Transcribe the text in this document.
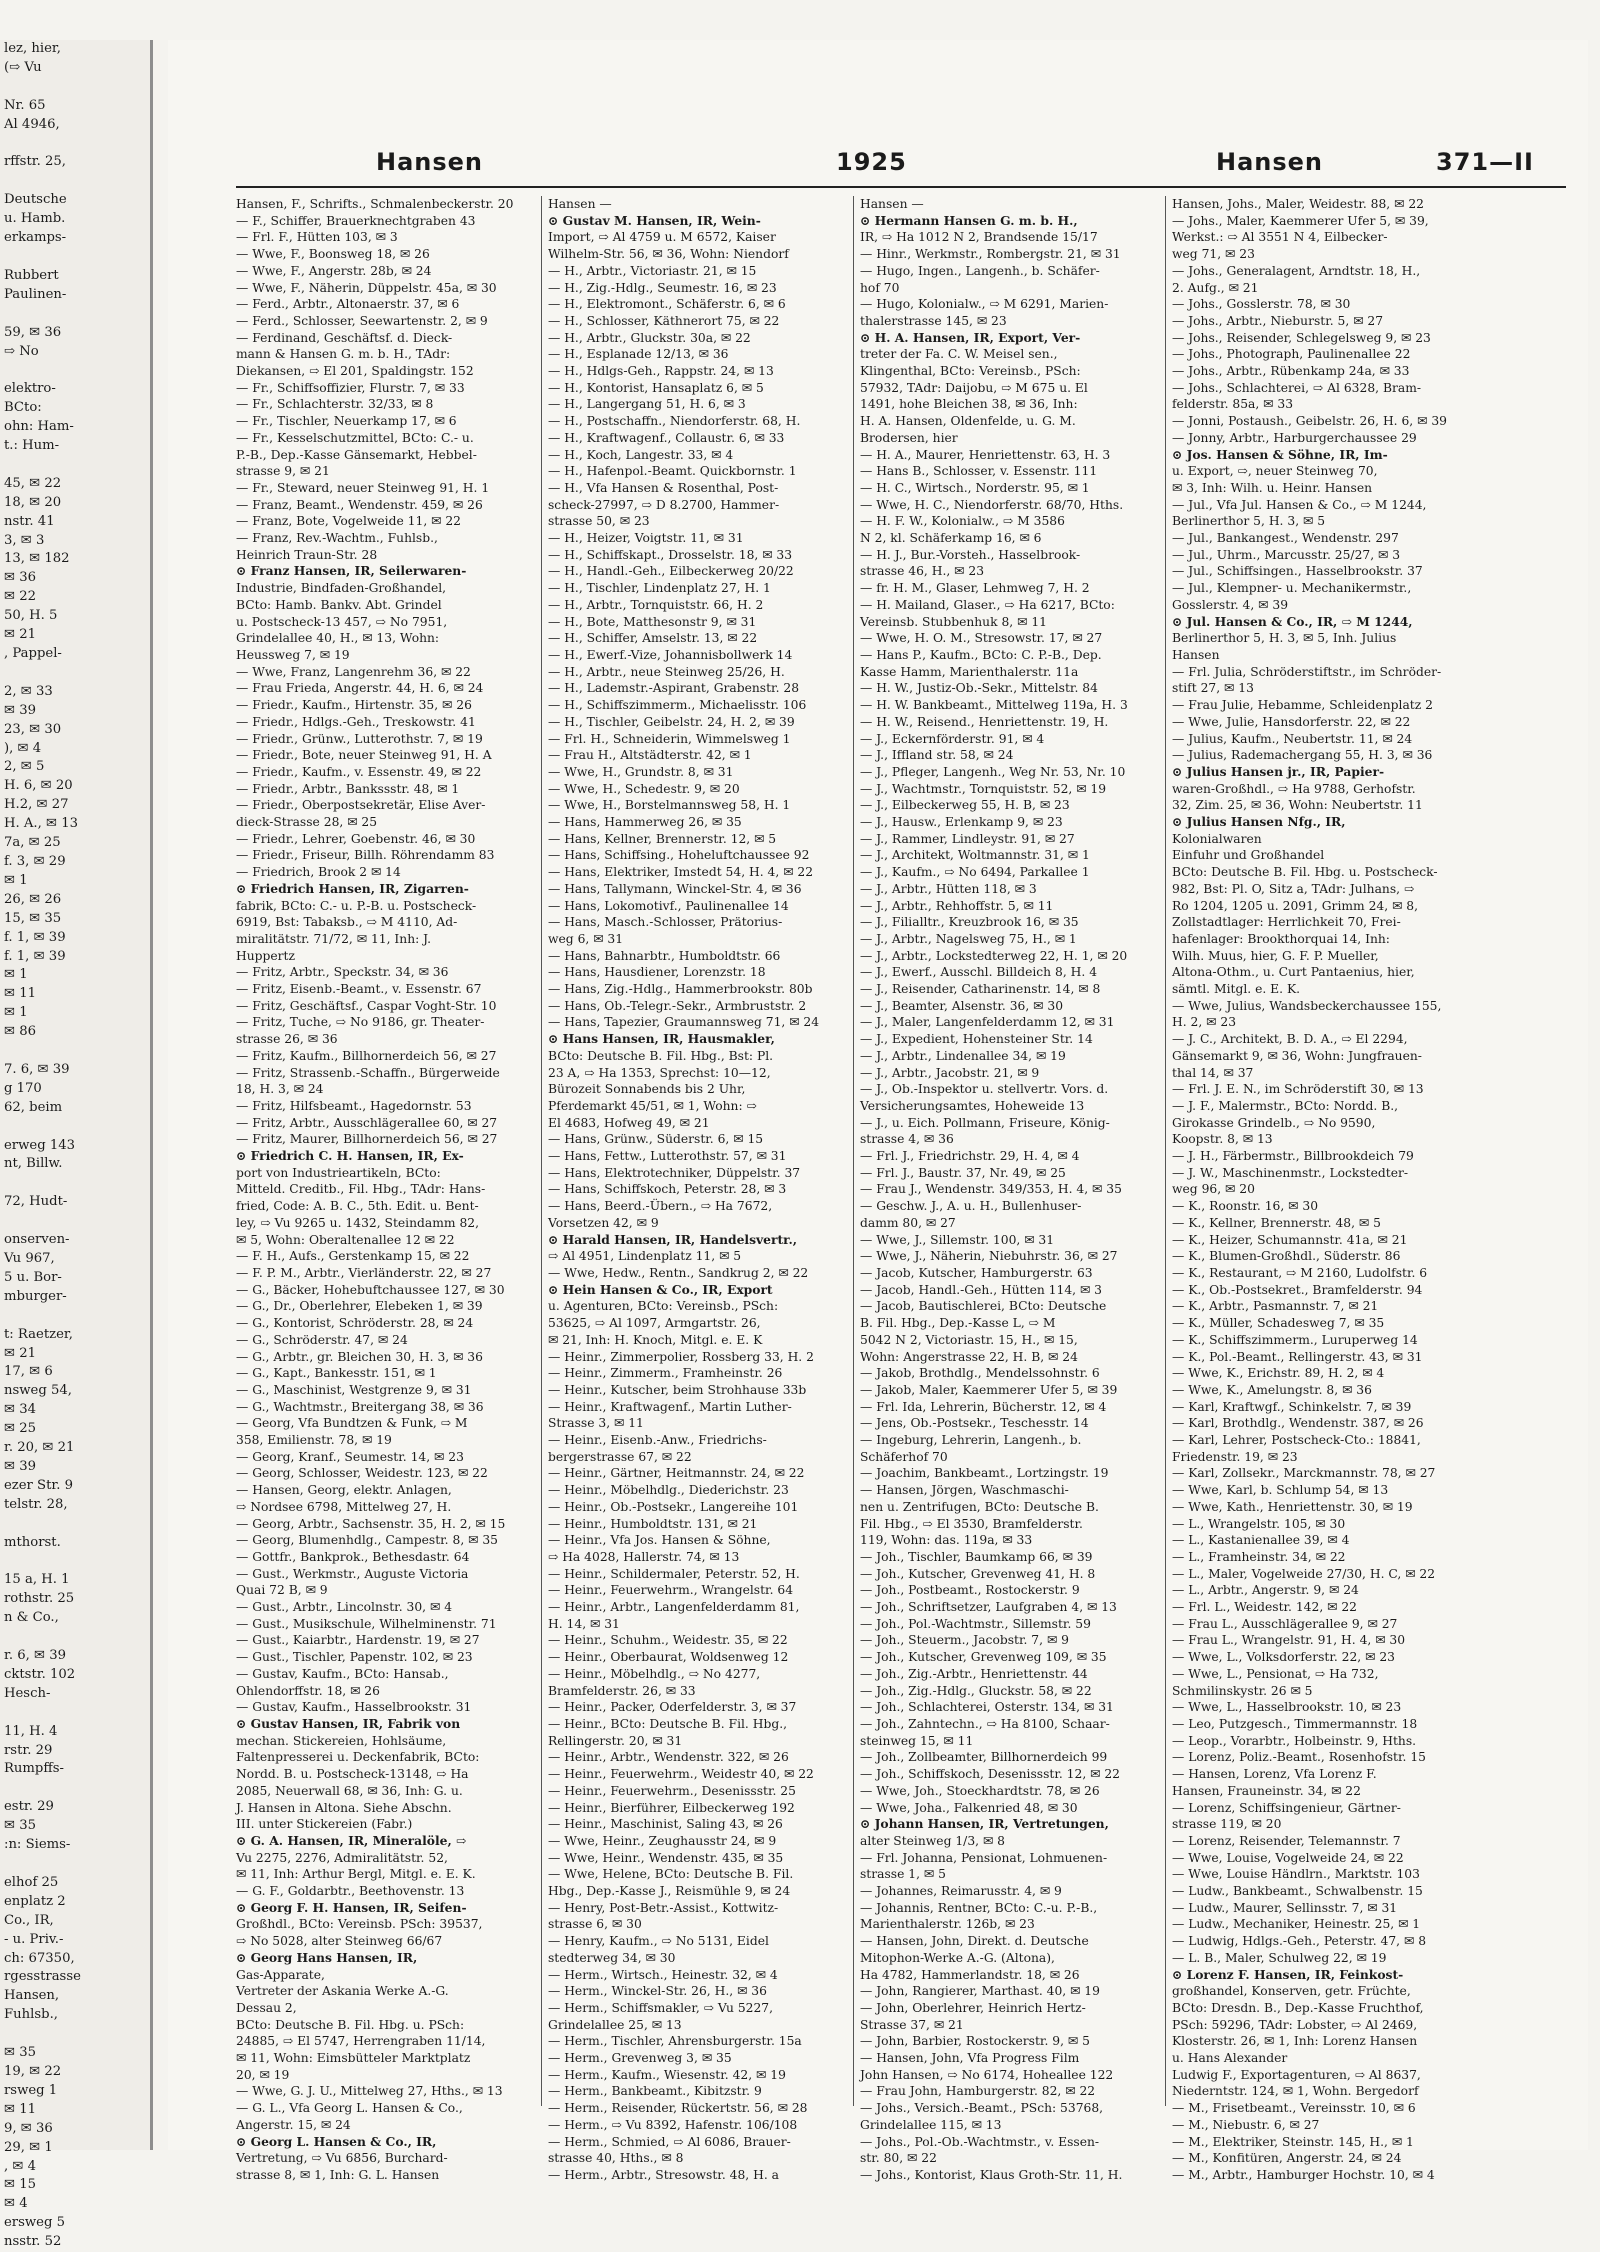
lez, hier,
(⇨ Vu

Nr. 65
Al 4946,

rffstr. 25,

Deutsche
u. Hamb.
erkamps-

Rubbert
Paulinen-

59, ✉ 36
⇨ No

elektro-
BCto:
ohn: Ham-
t.: Hum-

45, ✉ 22
18, ✉ 20
nstr. 41
3, ✉ 3
13, ✉ 182
✉ 36
✉ 22
50, H. 5
✉ 21
, Pappel-

2, ✉ 33
✉ 39
23, ✉ 30
), ✉ 4
2, ✉ 5
H. 6, ✉ 20
H.2, ✉ 27
H. A., ✉ 13
7a, ✉ 25
f. 3, ✉ 29
✉ 1
26, ✉ 26
15, ✉ 35
f. 1, ✉ 39
f. 1, ✉ 39
✉ 1
✉ 11
✉ 1
✉ 86

7. 6, ✉ 39
g 170
62, beim

erweg 143
nt, Billw.

72, Hudt-

onserven-
Vu 967,
5 u. Bor-
mburger-

t: Raetzer,
✉ 21
17, ✉ 6
nsweg 54,
✉ 34
✉ 25
r. 20, ✉ 21
✉ 39
ezer Str. 9
telstr. 28,

mthorst.

15 a, H. 1
rothstr. 25
n & Co.,

r. 6, ✉ 39
cktstr. 102
Hesch-

11, H. 4
rstr. 29
Rumpffs-

estr. 29
✉ 35
:n: Siems-

elhof 25
enplatz 2
Co., IR,
- u. Priv.-
ch: 67350,
rgesstrasse
Hansen,
Fuhlsb.,

✉ 35
19, ✉ 22
rsweg 1
✉ 11
9, ✉ 36
29, ✉ 1
, ✉ 4
✉ 15
✉ 4
ersweg 5
nsstr. 52
Hansen	1925	Hansen	371—II
Hansen, F., Schrifts., Schmalenbeckerstr. 20
— F., Schiffer, Brauerknechtgraben 43
— Frl. F., Hütten 103, ✉ 3
— Wwe, F., Boonsweg 18, ✉ 26
— Wwe, F., Angerstr. 28b, ✉ 24
— Wwe, F., Näherin, Düppelstr. 45a, ✉ 30
— Ferd., Arbtr., Altonaerstr. 37, ✉ 6
— Ferd., Schlosser, Seewartenstr. 2, ✉ 9
— Ferdinand, Geschäftsf. d. Dieck-
mann & Hansen G. m. b. H., TAdr:
Diekansen, ⇨ El 201, Spaldingstr. 152
— Fr., Schiffsoffizier, Flurstr. 7, ✉ 33
— Fr., Schlachterstr. 32/33, ✉ 8
— Fr., Tischler, Neuerkamp 17, ✉ 6
— Fr., Kesselschutzmittel, BCto: C.- u.
P.-B., Dep.-Kasse Gänsemarkt, Hebbel-
strasse 9, ✉ 21
— Fr., Steward, neuer Steinweg 91, H. 1
— Franz, Beamt., Wendenstr. 459, ✉ 26
— Franz, Bote, Vogelweide 11, ✉ 22
— Franz, Rev.-Wachtm., Fuhlsb.,
Heinrich Traun-Str. 28
⊙ Franz Hansen, IR, Seilerwaren-
Industrie, Bindfaden-Großhandel,
BCto: Hamb. Bankv. Abt. Grindel
u. Postscheck-13 457, ⇨ No 7951,
Grindelallee 40, H., ✉ 13, Wohn:
Heussweg 7, ✉ 19
— Wwe, Franz, Langenrehm 36, ✉ 22
— Frau Frieda, Angerstr. 44, H. 6, ✉ 24
— Friedr., Kaufm., Hirtenstr. 35, ✉ 26
— Friedr., Hdlgs.-Geh., Treskowstr. 41
— Friedr., Grünw., Lutterothstr. 7, ✉ 19
— Friedr., Bote, neuer Steinweg 91, H. A
— Friedr., Kaufm., v. Essenstr. 49, ✉ 22
— Friedr., Arbtr., Bankssstr. 48, ✉ 1
— Friedr., Oberpostsekretär, Elise Aver-
dieck-Strasse 28, ✉ 25
— Friedr., Lehrer, Goebenstr. 46, ✉ 30
— Friedr., Friseur, Billh. Röhrendamm 83
— Friedrich, Brook 2 ✉ 14
⊙ Friedrich Hansen, IR, Zigarren-
fabrik, BCto: C.- u. P.-B. u. Postscheck-
6919, Bst: Tabaksb., ⇨ M 4110, Ad-
miralitätstr. 71/72, ✉ 11, Inh: J.
Huppertz
— Fritz, Arbtr., Speckstr. 34, ✉ 36
— Fritz, Eisenb.-Beamt., v. Essenstr. 67
— Fritz, Geschäftsf., Caspar Voght-Str. 10
— Fritz, Tuche, ⇨ No 9186, gr. Theater-
strasse 26, ✉ 36
— Fritz, Kaufm., Billhornerdeich 56, ✉ 27
— Fritz, Strassenb.-Schaffn., Bürgerweide
18, H. 3, ✉ 24
— Fritz, Hilfsbeamt., Hagedornstr. 53
— Fritz, Arbtr., Ausschlägerallee 60, ✉ 27
— Fritz, Maurer, Billhornerdeich 56, ✉ 27
⊙ Friedrich C. H. Hansen, IR, Ex-
port von Industrieartikeln, BCto:
Mitteld. Creditb., Fil. Hbg., TAdr: Hans-
fried, Code: A. B. C., 5th. Edit. u. Bent-
ley, ⇨ Vu 9265 u. 1432, Steindamm 82,
✉ 5, Wohn: Oberaltenallee 12 ✉ 22
— F. H., Aufs., Gerstenkamp 15, ✉ 22
— F. P. M., Arbtr., Vierländerstr. 22, ✉ 27
— G., Bäcker, Hohebuftchaussee 127, ✉ 30
— G., Dr., Oberlehrer, Elebeken 1, ✉ 39
— G., Kontorist, Schröderstr. 28, ✉ 24
— G., Schröderstr. 47, ✉ 24
— G., Arbtr., gr. Bleichen 30, H. 3, ✉ 36
— G., Kapt., Bankesstr. 151, ✉ 1
— G., Maschinist, Westgrenze 9, ✉ 31
— G., Wachtmstr., Breitergang 38, ✉ 36
— Georg, Vfa Bundtzen & Funk, ⇨ M
358, Emilienstr. 78, ✉ 19
— Georg, Kranf., Seumestr. 14, ✉ 23
— Georg, Schlosser, Weidestr. 123, ✉ 22
— Hansen, Georg, elektr. Anlagen,
⇨ Nordsee 6798, Mittelweg 27, H.
— Georg, Arbtr., Sachsenstr. 35, H. 2, ✉ 15
— Georg, Blumenhdlg., Campestr. 8, ✉ 35
— Gottfr., Bankprok., Bethesdastr. 64
— Gust., Werkmstr., Auguste Victoria
Quai 72 B, ✉ 9
— Gust., Arbtr., Lincolnstr. 30, ✉ 4
— Gust., Musikschule, Wilhelminenstr. 71
— Gust., Kaiarbtr., Hardenstr. 19, ✉ 27
— Gust., Tischler, Papenstr. 102, ✉ 23
— Gustav, Kaufm., BCto: Hansab.,
Ohlendorffstr. 18, ✉ 26
— Gustav, Kaufm., Hasselbrookstr. 31
⊙ Gustav Hansen, IR, Fabrik von
mechan. Stickereien, Hohlsäume,
Faltenpresserei u. Deckenfabrik, BCto:
Nordd. B. u. Postscheck-13148, ⇨ Ha
2085, Neuerwall 68, ✉ 36, Inh: G. u.
J. Hansen in Altona. Siehe Abschn.
III. unter Stickereien (Fabr.)
⊙ G. A. Hansen, IR, Mineralöle, ⇨
Vu 2275, 2276, Admiralitätstr. 52,
✉ 11, Inh: Arthur Bergl, Mitgl. e. E. K.
— G. F., Goldarbtr., Beethovenstr. 13
⊙ Georg F. H. Hansen, IR, Seifen-
Großhdl., BCto: Vereinsb. PSch: 39537,
⇨ No 5028, alter Steinweg 66/67
⊙ Georg Hans Hansen, IR,
Gas-Apparate,
Vertreter der Askania Werke A.-G.
Dessau 2,
BCto: Deutsche B. Fil. Hbg. u. PSch:
24885, ⇨ El 5747, Herrengraben 11/14,
✉ 11, Wohn: Eimsbütteler Marktplatz
20, ✉ 19
— Wwe, G. J. U., Mittelweg 27, Hths., ✉ 13
— G. L., Vfa Georg L. Hansen & Co.,
Angerstr. 15, ✉ 24
⊙ Georg L. Hansen & Co., IR,
Vertretung, ⇨ Vu 6856, Burchard-
strasse 8, ✉ 1, Inh: G. L. Hansen
Hansen —
⊙ Gustav M. Hansen, IR, Wein-
Import, ⇨ Al 4759 u. M 6572, Kaiser
Wilhelm-Str. 56, ✉ 36, Wohn: Niendorf
— H., Arbtr., Victoriastr. 21, ✉ 15
— H., Zig.-Hdlg., Seumestr. 16, ✉ 23
— H., Elektromont., Schäferstr. 6, ✉ 6
— H., Schlosser, Käthnerort 75, ✉ 22
— H., Arbtr., Gluckstr. 30a, ✉ 22
— H., Esplanade 12/13, ✉ 36
— H., Hdlgs-Geh., Rappstr. 24, ✉ 13
— H., Kontorist, Hansaplatz 6, ✉ 5
— H., Langergang 51, H. 6, ✉ 3
— H., Postschaffn., Niendorferstr. 68, H.
— H., Kraftwagenf., Collaustr. 6, ✉ 33
— H., Koch, Langestr. 33, ✉ 4
— H., Hafenpol.-Beamt. Quickbornstr. 1
— H., Vfa Hansen & Rosenthal, Post-
scheck-27997, ⇨ D 8.2700, Hammer-
strasse 50, ✉ 23
— H., Heizer, Voigtstr. 11, ✉ 31
— H., Schiffskapt., Drosselstr. 18, ✉ 33
— H., Handl.-Geh., Eilbeckerweg 20/22
— H., Tischler, Lindenplatz 27, H. 1
— H., Arbtr., Tornquiststr. 66, H. 2
— H., Bote, Matthesonstr 9, ✉ 31
— H., Schiffer, Amselstr. 13, ✉ 22
— H., Ewerf.-Vize, Johannisbollwerk 14
— H., Arbtr., neue Steinweg 25/26, H.
— H., Lademstr.-Aspirant, Grabenstr. 28
— H., Schiffszimmerm., Michaelisstr. 106
— H., Tischler, Geibelstr. 24, H. 2, ✉ 39
— Frl. H., Schneiderin, Wimmelsweg 1
— Frau H., Altstädterstr. 42, ✉ 1
— Wwe, H., Grundstr. 8, ✉ 31
— Wwe, H., Schedestr. 9, ✉ 20
— Wwe, H., Borstelmannsweg 58, H. 1
— Hans, Hammerweg 26, ✉ 35
— Hans, Kellner, Brennerstr. 12, ✉ 5
— Hans, Schiffsing., Hoheluftchaussee 92
— Hans, Elektriker, Imstedt 54, H. 4, ✉ 22
— Hans, Tallymann, Winckel-Str. 4, ✉ 36
— Hans, Lokomotivf., Paulinenallee 14
— Hans, Masch.-Schlosser, Prätorius-
weg 6, ✉ 31
— Hans, Bahnarbtr., Humboldtstr. 66
— Hans, Hausdiener, Lorenzstr. 18
— Hans, Zig.-Hdlg., Hammerbrookstr. 80b
— Hans, Ob.-Telegr.-Sekr., Armbruststr. 2
— Hans, Tapezier, Graumannsweg 71, ✉ 24
⊙ Hans Hansen, IR, Hausmakler,
BCto: Deutsche B. Fil. Hbg., Bst: Pl.
23 A, ⇨ Ha 1353, Sprechst: 10—12,
Bürozeit Sonnabends bis 2 Uhr,
Pferdemarkt 45/51, ✉ 1, Wohn: ⇨
El 4683, Hofweg 49, ✉ 21
— Hans, Grünw., Süderstr. 6, ✉ 15
— Hans, Fettw., Lutterothstr. 57, ✉ 31
— Hans, Elektrotechniker, Düppelstr. 37
— Hans, Schiffskoch, Peterstr. 28, ✉ 3
— Hans, Beerd.-Übern., ⇨ Ha 7672,
Vorsetzen 42, ✉ 9
⊙ Harald Hansen, IR, Handelsvertr.,
⇨ Al 4951, Lindenplatz 11, ✉ 5
— Wwe, Hedw., Rentn., Sandkrug 2, ✉ 22
⊙ Hein Hansen & Co., IR, Export
u. Agenturen, BCto: Vereinsb., PSch:
53625, ⇨ Al 1097, Armgartstr. 26,
✉ 21, Inh: H. Knoch, Mitgl. e. E. K
— Heinr., Zimmerpolier, Rossberg 33, H. 2
— Heinr., Zimmerm., Framheinstr. 26
— Heinr., Kutscher, beim Strohhause 33b
— Heinr., Kraftwagenf., Martin Luther-
Strasse 3, ✉ 11
— Heinr., Eisenb.-Anw., Friedrichs-
bergerstrasse 67, ✉ 22
— Heinr., Gärtner, Heitmannstr. 24, ✉ 22
— Heinr., Möbelhdlg., Diederichstr. 23
— Heinr., Ob.-Postsekr., Langereihe 101
— Heinr., Humboldtstr. 131, ✉ 21
— Heinr., Vfa Jos. Hansen & Söhne,
⇨ Ha 4028, Hallerstr. 74, ✉ 13
— Heinr., Schildermaler, Peterstr. 52, H.
— Heinr., Feuerwehrm., Wrangelstr. 64
— Heinr., Arbtr., Langenfelderdamm 81,
H. 14, ✉ 31
— Heinr., Schuhm., Weidestr. 35, ✉ 22
— Heinr., Oberbaurat, Woldsenweg 12
— Heinr., Möbelhdlg., ⇨ No 4277,
Bramfelderstr. 26, ✉ 33
— Heinr., Packer, Oderfelderstr. 3, ✉ 37
— Heinr., BCto: Deutsche B. Fil. Hbg.,
Rellingerstr. 20, ✉ 31
— Heinr., Arbtr., Wendenstr. 322, ✉ 26
— Heinr., Feuerwehrm., Weidestr 40, ✉ 22
— Heinr., Feuerwehrm., Desenissstr. 25
— Heinr., Bierführer, Eilbeckerweg 192
— Heinr., Maschinist, Saling 43, ✉ 26
— Wwe, Heinr., Zeughausstr 24, ✉ 9
— Wwe, Heinr., Wendenstr. 435, ✉ 35
— Wwe, Helene, BCto: Deutsche B. Fil.
Hbg., Dep.-Kasse J., Reismühle 9, ✉ 24
— Henry, Post-Betr.-Assist., Kottwitz-
strasse 6, ✉ 30
— Henry, Kaufm., ⇨ No 5131, Eidel
stedterweg 34, ✉ 30
— Herm., Wirtsch., Heinestr. 32, ✉ 4
— Herm., Winckel-Str. 26, H., ✉ 36
— Herm., Schiffsmakler, ⇨ Vu 5227,
Grindelallee 25, ✉ 13
— Herm., Tischler, Ahrensburgerstr. 15a
— Herm., Grevenweg 3, ✉ 35
— Herm., Kaufm., Wiesenstr. 42, ✉ 19
— Herm., Bankbeamt., Kibitzstr. 9
— Herm., Reisender, Rückertstr. 56, ✉ 28
— Herm., ⇨ Vu 8392, Hafenstr. 106/108
— Herm., Schmied, ⇨ Al 6086, Brauer-
strasse 40, Hths., ✉ 8
— Herm., Arbtr., Stresowstr. 48, H. a
Hansen —
⊙ Hermann Hansen G. m. b. H.,
IR, ⇨ Ha 1012 N 2, Brandsende 15/17
— Hinr., Werkmstr., Rombergstr. 21, ✉ 31
— Hugo, Ingen., Langenh., b. Schäfer-
hof 70
— Hugo, Kolonialw., ⇨ M 6291, Marien-
thalerstrasse 145, ✉ 23
⊙ H. A. Hansen, IR, Export, Ver-
treter der Fa. C. W. Meisel sen.,
Klingenthal, BCto: Vereinsb., PSch:
57932, TAdr: Daijobu, ⇨ M 675 u. El
1491, hohe Bleichen 38, ✉ 36, Inh:
H. A. Hansen, Oldenfelde, u. G. M.
Brodersen, hier
— H. A., Maurer, Henriettenstr. 63, H. 3
— Hans B., Schlosser, v. Essenstr. 111
— H. C., Wirtsch., Norderstr. 95, ✉ 1
— Wwe, H. C., Niendorferstr. 68/70, Hths.
— H. F. W., Kolonialw., ⇨ M 3586
N 2, kl. Schäferkamp 16, ✉ 6
— H. J., Bur.-Vorsteh., Hasselbrook-
strasse 46, H., ✉ 23
— fr. H. M., Glaser, Lehmweg 7, H. 2
— H. Mailand, Glaser., ⇨ Ha 6217, BCto:
Vereinsb. Stubbenhuk 8, ✉ 11
— Wwe, H. O. M., Stresowstr. 17, ✉ 27
— Hans P., Kaufm., BCto: C. P.-B., Dep.
Kasse Hamm, Marienthalerstr. 11a
— H. W., Justiz-Ob.-Sekr., Mittelstr. 84
— H. W. Bankbeamt., Mittelweg 119a, H. 3
— H. W., Reisend., Henriettenstr. 19, H.
— J., Eckernförderstr. 91, ✉ 4
— J., Iffland str. 58, ✉ 24
— J., Pfleger, Langenh., Weg Nr. 53, Nr. 10
— J., Wachtmstr., Tornquiststr. 52, ✉ 19
— J., Eilbeckerweg 55, H. B, ✉ 23
— J., Hausw., Erlenkamp 9, ✉ 23
— J., Rammer, Lindleystr. 91, ✉ 27
— J., Architekt, Woltmannstr. 31, ✉ 1
— J., Kaufm., ⇨ No 6494, Parkallee 1
— J., Arbtr., Hütten 118, ✉ 3
— J., Arbtr., Rehhoffstr. 5, ✉ 11
— J., Filialltr., Kreuzbrook 16, ✉ 35
— J., Arbtr., Nagelsweg 75, H., ✉ 1
— J., Arbtr., Lockstedterweg 22, H. 1, ✉ 20
— J., Ewerf., Ausschl. Billdeich 8, H. 4
— J., Reisender, Catharinenstr. 14, ✉ 8
— J., Beamter, Alsenstr. 36, ✉ 30
— J., Maler, Langenfelderdamm 12, ✉ 31
— J., Expedient, Hohensteiner Str. 14
— J., Arbtr., Lindenallee 34, ✉ 19
— J., Arbtr., Jacobstr. 21, ✉ 9
— J., Ob.-Inspektor u. stellvertr. Vors. d.
Versicherungsamtes, Hoheweide 13
— J., u. Eich. Pollmann, Friseure, König-
strasse 4, ✉ 36
— Frl. J., Friedrichstr. 29, H. 4, ✉ 4
— Frl. J., Baustr. 37, Nr. 49, ✉ 25
— Frau J., Wendenstr. 349/353, H. 4, ✉ 35
— Geschw. J., A. u. H., Bullenhuser-
damm 80, ✉ 27
— Wwe, J., Sillemstr. 100, ✉ 31
— Wwe, J., Näherin, Niebuhrstr. 36, ✉ 27
— Jacob, Kutscher, Hamburgerstr. 63
— Jacob, Handl.-Geh., Hütten 114, ✉ 3
— Jacob, Bautischlerei, BCto: Deutsche
B. Fil. Hbg., Dep.-Kasse L, ⇨ M
5042 N 2, Victoriastr. 15, H., ✉ 15,
Wohn: Angerstrasse 22, H. B, ✉ 24
— Jakob, Brothdlg., Mendelssohnstr. 6
— Jakob, Maler, Kaemmerer Ufer 5, ✉ 39
— Frl. Ida, Lehrerin, Bücherstr. 12, ✉ 4
— Jens, Ob.-Postsekr., Teschesstr. 14
— Ingeburg, Lehrerin, Langenh., b.
Schäferhof 70
— Joachim, Bankbeamt., Lortzingstr. 19
— Hansen, Jörgen, Waschmaschi-
nen u. Zentrifugen, BCto: Deutsche B.
Fil. Hbg., ⇨ El 3530, Bramfelderstr.
119, Wohn: das. 119a, ✉ 33
— Joh., Tischler, Baumkamp 66, ✉ 39
— Joh., Kutscher, Grevenweg 41, H. 8
— Joh., Postbeamt., Rostockerstr. 9
— Joh., Schriftsetzer, Laufgraben 4, ✉ 13
— Joh., Pol.-Wachtmstr., Sillemstr. 59
— Joh., Steuerm., Jacobstr. 7, ✉ 9
— Joh., Kutscher, Grevenweg 109, ✉ 35
— Joh., Zig.-Arbtr., Henriettenstr. 44
— Joh., Zig.-Hdlg., Gluckstr. 58, ✉ 22
— Joh., Schlachterei, Osterstr. 134, ✉ 31
— Joh., Zahntechn., ⇨ Ha 8100, Schaar-
steinweg 15, ✉ 11
— Joh., Zollbeamter, Billhornerdeich 99
— Joh., Schiffskoch, Desenissstr. 12, ✉ 22
— Wwe, Joh., Stoeckhardtstr. 78, ✉ 26
— Wwe, Joha., Falkenried 48, ✉ 30
⊙ Johann Hansen, IR, Vertretungen,
alter Steinweg 1/3, ✉ 8
— Frl. Johanna, Pensionat, Lohmuenen-
strasse 1, ✉ 5
— Johannes, Reimarusstr. 4, ✉ 9
— Johannis, Rentner, BCto: C.-u. P.-B.,
Marienthalerstr. 126b, ✉ 23
— Hansen, John, Direkt. d. Deutsche
Mitophon-Werke A.-G. (Altona),
Ha 4782, Hammerlandstr. 18, ✉ 26
— John, Rangierer, Marthast. 40, ✉ 19
— John, Oberlehrer, Heinrich Hertz-
Strasse 37, ✉ 21
— John, Barbier, Rostockerstr. 9, ✉ 5
— Hansen, John, Vfa Progress Film
John Hansen, ⇨ No 6174, Hoheallee 122
— Frau John, Hamburgerstr. 82, ✉ 22
— Johs., Versich.-Beamt., PSch: 53768,
Grindelallee 115, ✉ 13
— Johs., Pol.-Ob.-Wachtmstr., v. Essen-
str. 80, ✉ 22
— Johs., Kontorist, Klaus Groth-Str. 11, H.
Hansen, Johs., Maler, Weidestr. 88, ✉ 22
— Johs., Maler, Kaemmerer Ufer 5, ✉ 39,
Werkst.: ⇨ Al 3551 N 4, Eilbecker-
weg 71, ✉ 23
— Johs., Generalagent, Arndtstr. 18, H.,
2. Aufg., ✉ 21
— Johs., Gosslerstr. 78, ✉ 30
— Johs., Arbtr., Nieburstr. 5, ✉ 27
— Johs., Reisender, Schlegelsweg 9, ✉ 23
— Johs., Photograph, Paulinenallee 22
— Johs., Arbtr., Rübenkamp 24a, ✉ 33
— Johs., Schlachterei, ⇨ Al 6328, Bram-
felderstr. 85a, ✉ 33
— Jonni, Postaush., Geibelstr. 26, H. 6, ✉ 39
— Jonny, Arbtr., Harburgerchaussee 29
⊙ Jos. Hansen & Söhne, IR, Im-
u. Export, ⇨, neuer Steinweg 70,
✉ 3, Inh: Wilh. u. Heinr. Hansen
— Jul., Vfa Jul. Hansen & Co., ⇨ M 1244,
Berlinerthor 5, H. 3, ✉ 5
— Jul., Bankangest., Wendenstr. 297
— Jul., Uhrm., Marcusstr. 25/27, ✉ 3
— Jul., Schiffsingen., Hasselbrookstr. 37
— Jul., Klempner- u. Mechanikermstr.,
Gosslerstr. 4, ✉ 39
⊙ Jul. Hansen & Co., IR, ⇨ M 1244,
Berlinerthor 5, H. 3, ✉ 5, Inh. Julius
Hansen
— Frl. Julia, Schröderstiftstr., im Schröder-
stift 27, ✉ 13
— Frau Julie, Hebamme, Schleidenplatz 2
— Wwe, Julie, Hansdorferstr. 22, ✉ 22
— Julius, Kaufm., Neubertstr. 11, ✉ 24
— Julius, Rademachergang 55, H. 3, ✉ 36
⊙ Julius Hansen jr., IR, Papier-
waren-Großhdl., ⇨ Ha 9788, Gerhofstr.
32, Zim. 25, ✉ 36, Wohn: Neubertstr. 11
⊙ Julius Hansen Nfg., IR,
Kolonialwaren
Einfuhr und Großhandel
BCto: Deutsche B. Fil. Hbg. u. Postscheck-
982, Bst: Pl. O, Sitz a, TAdr: Julhans, ⇨
Ro 1204, 1205 u. 2091, Grimm 24, ✉ 8,
Zollstadtlager: Herrlichkeit 70, Frei-
hafenlager: Brookthorquai 14, Inh:
Wilh. Muus, hier, G. F. P. Mueller,
Altona-Othm., u. Curt Pantaenius, hier,
sämtl. Mitgl. e. E. K.
— Wwe, Julius, Wandsbeckerchaussee 155,
H. 2, ✉ 23
— J. C., Architekt, B. D. A., ⇨ El 2294,
Gänsemarkt 9, ✉ 36, Wohn: Jungfrauen-
thal 14, ✉ 37
— Frl. J. E. N., im Schröderstift 30, ✉ 13
— J. F., Malermstr., BCto: Nordd. B.,
Girokasse Grindelb., ⇨ No 9590,
Koopstr. 8, ✉ 13
— J. H., Färbermstr., Billbrookdeich 79
— J. W., Maschinenmstr., Lockstedter-
weg 96, ✉ 20
— K., Roonstr. 16, ✉ 30
— K., Kellner, Brennerstr. 48, ✉ 5
— K., Heizer, Schumannstr. 41a, ✉ 21
— K., Blumen-Großhdl., Süderstr. 86
— K., Restaurant, ⇨ M 2160, Ludolfstr. 6
— K., Ob.-Postsekret., Bramfelderstr. 94
— K., Arbtr., Pasmannstr. 7, ✉ 21
— K., Müller, Schadesweg 7, ✉ 35
— K., Schiffszimmerm., Luruperweg 14
— K., Pol.-Beamt., Rellingerstr. 43, ✉ 31
— Wwe, K., Erichstr. 89, H. 2, ✉ 4
— Wwe, K., Amelungstr. 8, ✉ 36
— Karl, Kraftwgf., Schinkelstr. 7, ✉ 39
— Karl, Brothdlg., Wendenstr. 387, ✉ 26
— Karl, Lehrer, Postscheck-Cto.: 18841,
Friedenstr. 19, ✉ 23
— Karl, Zollsekr., Marckmannstr. 78, ✉ 27
— Wwe, Karl, b. Schlump 54, ✉ 13
— Wwe, Kath., Henriettenstr. 30, ✉ 19
— L., Wrangelstr. 105, ✉ 30
— L., Kastanienallee 39, ✉ 4
— L., Framheinstr. 34, ✉ 22
— L., Maler, Vogelweide 27/30, H. C, ✉ 22
— L., Arbtr., Angerstr. 9, ✉ 24
— Frl. L., Weidestr. 142, ✉ 22
— Frau L., Ausschlägerallee 9, ✉ 27
— Frau L., Wrangelstr. 91, H. 4, ✉ 30
— Wwe, L., Volksdorferstr. 22, ✉ 23
— Wwe, L., Pensionat, ⇨ Ha 732,
Schmilinskystr. 26 ✉ 5
— Wwe, L., Hasselbrookstr. 10, ✉ 23
— Leo, Putzgesch., Timmermannstr. 18
— Leop., Vorarbtr., Holbeinstr. 9, Hths.
— Lorenz, Poliz.-Beamt., Rosenhofstr. 15
— Hansen, Lorenz, Vfa Lorenz F.
Hansen, Frauneinstr. 34, ✉ 22
— Lorenz, Schiffsingenieur, Gärtner-
strasse 119, ✉ 20
— Lorenz, Reisender, Telemannstr. 7
— Wwe, Louise, Vogelweide 24, ✉ 22
— Wwe, Louise Händlrn., Marktstr. 103
— Ludw., Bankbeamt., Schwalbenstr. 15
— Ludw., Maurer, Sellinsstr. 7, ✉ 31
— Ludw., Mechaniker, Heinestr. 25, ✉ 1
— Ludwig, Hdlgs.-Geh., Peterstr. 47, ✉ 8
— L. B., Maler, Schulweg 22, ✉ 19
⊙ Lorenz F. Hansen, IR, Feinkost-
großhandel, Konserven, getr. Früchte,
BCto: Dresdn. B., Dep.-Kasse Fruchthof,
PSch: 59296, TAdr: Lobster, ⇨ Al 2469,
Klosterstr. 26, ✉ 1, Inh: Lorenz Hansen
u. Hans Alexander
Ludwig F., Exportagenturen, ⇨ Al 8637,
Niederntstr. 124, ✉ 1, Wohn. Bergedorf
— M., Frisetbeamt., Vereinsstr. 10, ✉ 6
— M., Niebustr. 6, ✉ 27
— M., Elektriker, Steinstr. 145, H., ✉ 1
— M., Konfitüren, Angerstr. 24, ✉ 24
— M., Arbtr., Hamburger Hochstr. 10, ✉ 4
